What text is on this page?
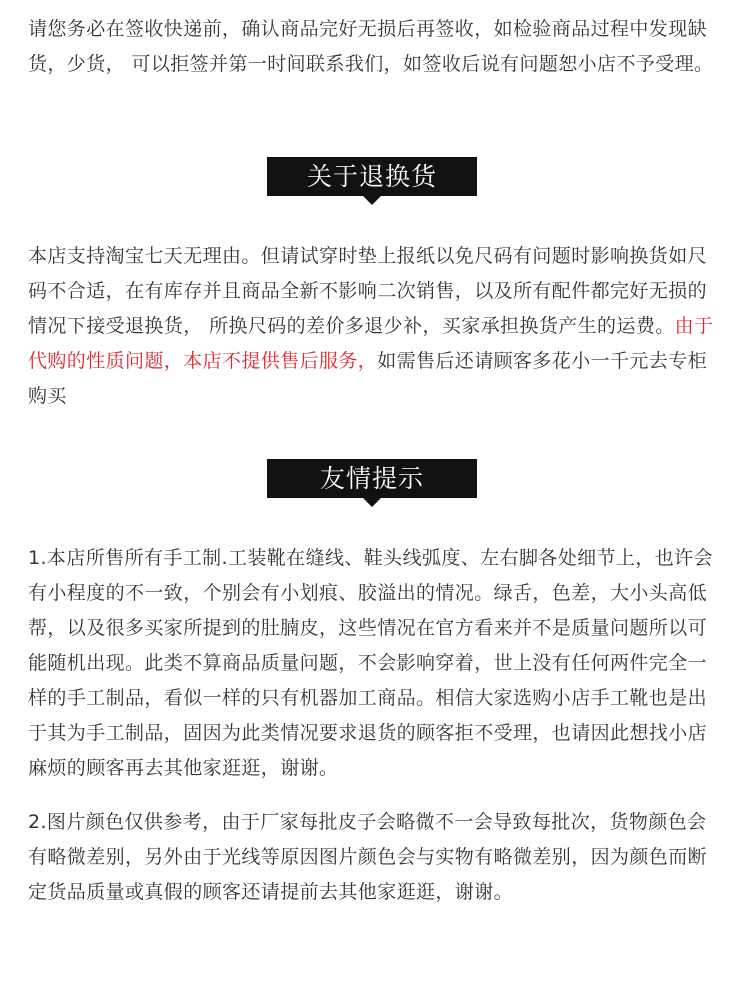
请您务必在签收快递前，确认商品完好无损后再签收，如检验商品过程中发现缺货，少货， 可以拒签并第一时间联系我们，如签收后说有问题恕小店不予受理。

关于退换货

本店支持淘宝七天无理由。但请试穿时垫上报纸以免尺码有问题时影响换货如尺码不合适，在有库存并且商品全新不影响二次销售，以及所有配件都完好无损的情况下接受退换货， 所换尺码的差价多退少补，买家承担换货产生的运费。由于代购的性质问题，本店不提供售后服务，如需售后还请顾客多花小一千元去专柜购买

友情提示

1.本店所售所有手工制.工装靴在缝线、鞋头线弧度、左右脚各处细节上，也许会有小程度的不一致，个别会有小划痕、胶溢出的情况。绿舌，色差，大小头高低帮，以及很多买家所提到的肚腩皮，这些情况在官方看来并不是质量问题所以可能随机出现。此类不算商品质量问题，不会影响穿着，世上没有任何两件完全一样的手工制品，看似一样的只有机器加工商品。相信大家选购小店手工靴也是出于其为手工制品，固因为此类情况要求退货的顾客拒不受理，也请因此想找小店麻烦的顾客再去其他家逛逛，谢谢。

2.图片颜色仅供参考，由于厂家每批皮子会略微不一会导致每批次，货物颜色会有略微差别，另外由于光线等原因图片颜色会与实物有略微差别，因为颜色而断定货品质量或真假的顾客还请提前去其他家逛逛，谢谢。
